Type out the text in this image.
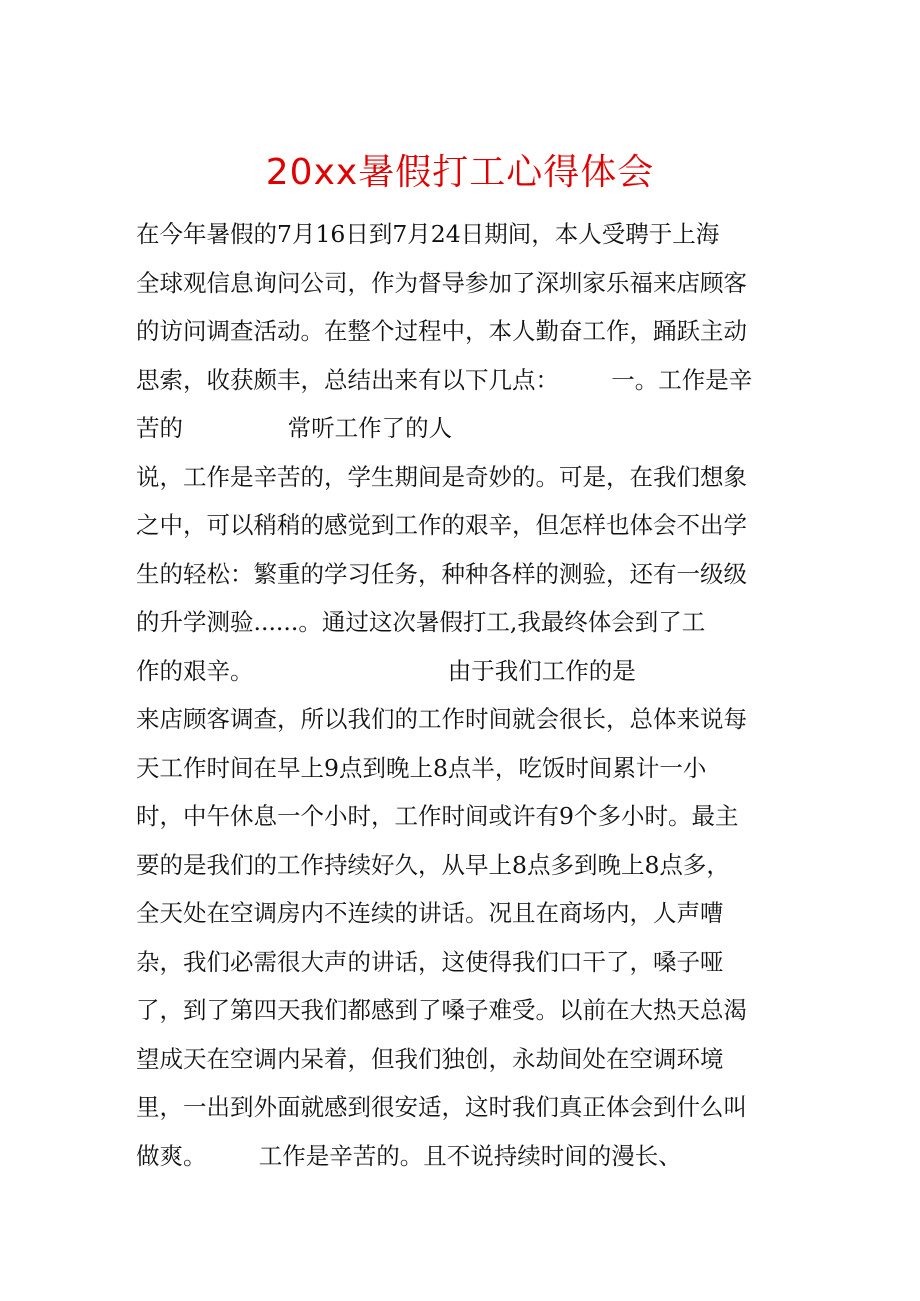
20xx暑假打工心得体会
在今年暑假的7月16日到7月24日期间，本人受聘于上海
全球观信息询问公司，作为督导参加了深圳家乐福来店顾客
的访问调查活动。在整个过程中，本人勤奋工作，踊跃主动
思索，收获颇丰，总结出来有以下几点：       一。工作是辛
苦的              常听工作了的人
说，工作是辛苦的，学生期间是奇妙的。可是，在我们想象
之中，可以稍稍的感觉到工作的艰辛，但怎样也体会不出学
生的轻松：繁重的学习任务，种种各样的测验，还有一级级
的升学测验......。通过这次暑假打工,我最终体会到了工
作的艰辛。                          由于我们工作的是
来店顾客调查，所以我们的工作时间就会很长，总体来说每
天工作时间在早上9点到晚上8点半，吃饭时间累计一小
时，中午休息一个小时，工作时间或许有9个多小时。最主
要的是我们的工作持续好久，从早上8点多到晚上8点多，
全天处在空调房内不连续的讲话。况且在商场内，人声嘈
杂，我们必需很大声的讲话，这使得我们口干了，嗓子哑
了，到了第四天我们都感到了嗓子难受。以前在大热天总渴
望成天在空调内呆着，但我们独创，永劫间处在空调环境
里，一出到外面就感到很安适，这时我们真正体会到什么叫
做爽。       工作是辛苦的。且不说持续时间的漫长、
